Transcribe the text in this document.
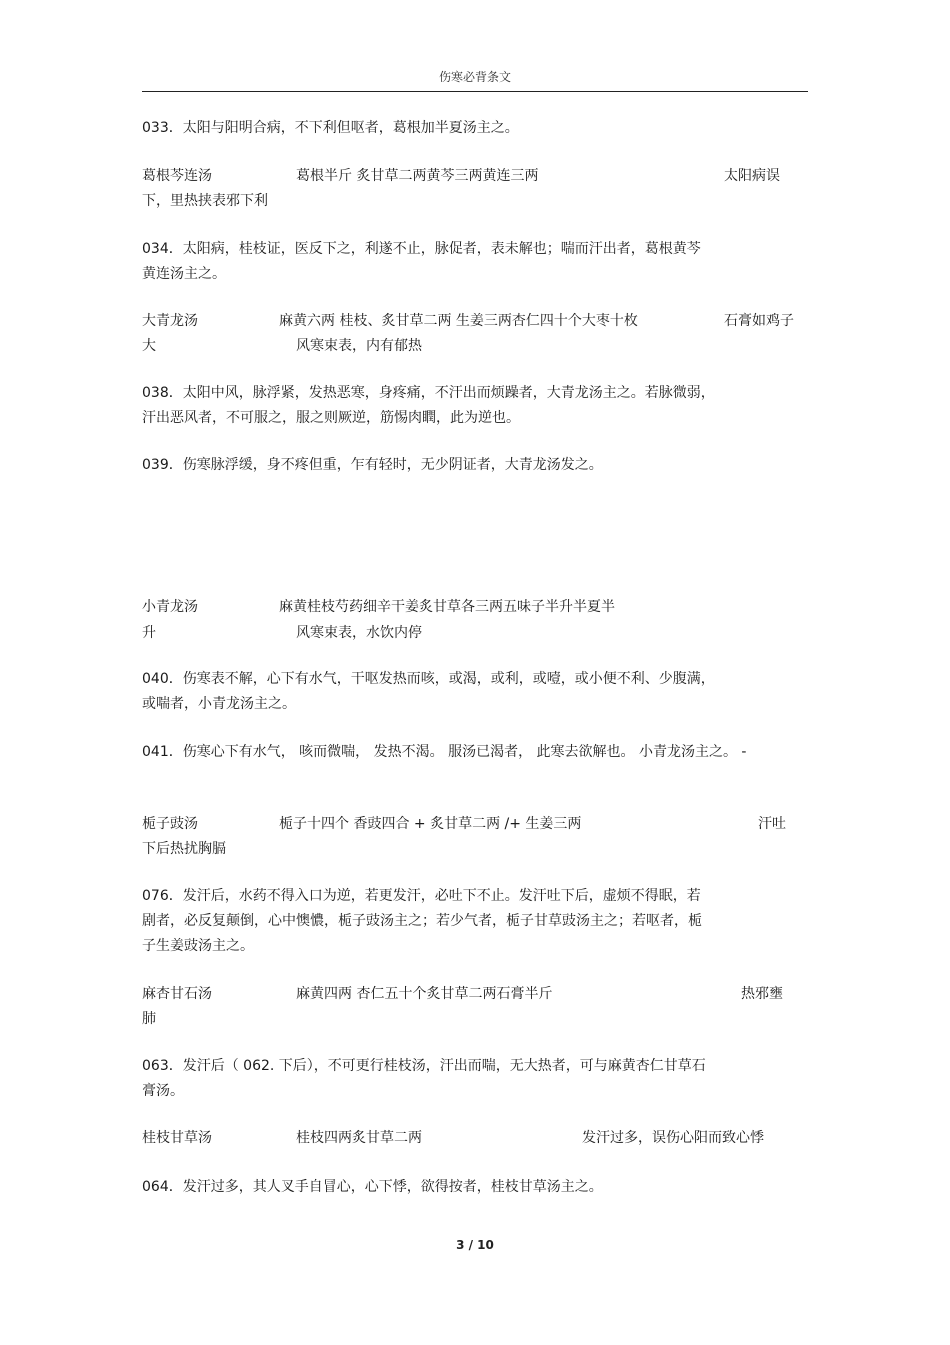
伤寒必背条文
033．太阳与阳明合病，不下利但呕者，葛根加半夏汤主之。
葛根芩连汤	葛根半斤 炙甘草二两黄芩三两黄连三两	太阳病误
下，里热挟表邪下利
034．太阳病，桂枝证，医反下之，利遂不止，脉促者，表未解也；喘而汗出者，葛根黄芩
黄连汤主之。
大青龙汤	麻黄六两 桂枝、炙甘草二两 生姜三两杏仁四十个大枣十枚	石膏如鸡子
大	风寒束表，内有郁热
038．太阳中风，脉浮紧，发热恶寒，身疼痛，不汗出而烦躁者，大青龙汤主之。若脉微弱，
汗出恶风者，不可服之，服之则厥逆，筋惕肉瞤，此为逆也。
039．伤寒脉浮缓，身不疼但重，乍有轻时，无少阴证者，大青龙汤发之。
小青龙汤	麻黄桂枝芍药细辛干姜炙甘草各三两五味子半升半夏半
升	风寒束表，水饮内停
040．伤寒表不解，心下有水气，干呕发热而咳，或渴，或利，或噎，或小便不利、少腹满，
或喘者，小青龙汤主之。
041．伤寒心下有水气， 咳而微喘， 发热不渴。 服汤已渴者， 此寒去欲解也。 小青龙汤主之。 -
栀子豉汤	栀子十四个 香豉四合 + 炙甘草二两 /+ 生姜三两	汗吐
下后热扰胸膈
076．发汗后，水药不得入口为逆，若更发汗，必吐下不止。发汗吐下后，虚烦不得眠，若
剧者，必反复颠倒，心中懊憹，栀子豉汤主之；若少气者，栀子甘草豉汤主之；若呕者，栀
子生姜豉汤主之。
麻杏甘石汤	麻黄四两 杏仁五十个炙甘草二两石膏半斤	热邪壅
肺
063．发汗后（ 062. 下后），不可更行桂枝汤，汗出而喘，无大热者，可与麻黄杏仁甘草石
膏汤。
桂枝甘草汤	桂枝四两炙甘草二两	发汗过多，误伤心阳而致心悸
064．发汗过多，其人叉手自冒心，心下悸，欲得按者，桂枝甘草汤主之。
3 / 10
